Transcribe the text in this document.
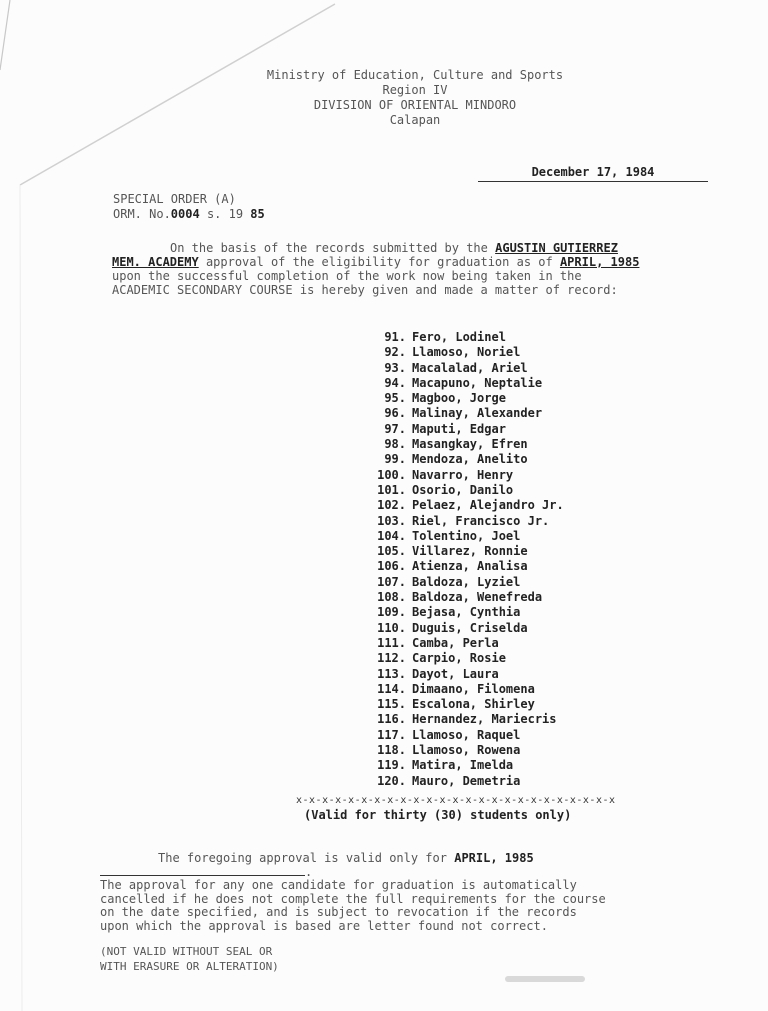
Ministry of Education, Culture and Sports
Region IV
DIVISION OF ORIENTAL MINDORO
Calapan
December 17, 1984
SPECIAL ORDER (A)
ORM. No.0004 s. 19 85
On the basis of the records submitted by the AGUSTIN GUTIERREZ
MEM. ACADEMY approval of the eligibility for graduation as of APRIL, 1985
upon the successful completion of the work now being taken in the
ACADEMIC SECONDARY COURSE is hereby given and made a matter of record:
91. Fero, Lodinel
92. Llamoso, Noriel
93. Macalalad, Ariel
94. Macapuno, Neptalie
95. Magboo, Jorge
96. Malinay, Alexander
97. Maputi, Edgar
98. Masangkay, Efren
99. Mendoza, Anelito
100. Navarro, Henry
101. Osorio, Danilo
102. Pelaez, Alejandro Jr.
103. Riel, Francisco Jr.
104. Tolentino, Joel
105. Villarez, Ronnie
106. Atienza, Analisa
107. Baldoza, Lyziel
108. Baldoza, Wenefreda
109. Bejasa, Cynthia
110. Duguis, Criselda
111. Camba, Perla
112. Carpio, Rosie
113. Dayot, Laura
114. Dimaano, Filomena
115. Escalona, Shirley
116. Hernandez, Mariecris
117. Llamoso, Raquel
118. Llamoso, Rowena
119. Matira, Imelda
120. Mauro, Demetria
x-x-x-x-x-x-x-x-x-x-x-x-x-x-x-x-x-x-x-x-x-x-x-x-x
(Valid for thirty (30) students only)
The foregoing approval is valid only for APRIL, 1985.
The approval for any one candidate for graduation is automatically
cancelled if he does not complete the full requirements for the course
on the date specified, and is subject to revocation if the records
upon which the approval is based are letter found not correct.
(NOT VALID WITHOUT SEAL OR
WITH ERASURE OR ALTERATION)
